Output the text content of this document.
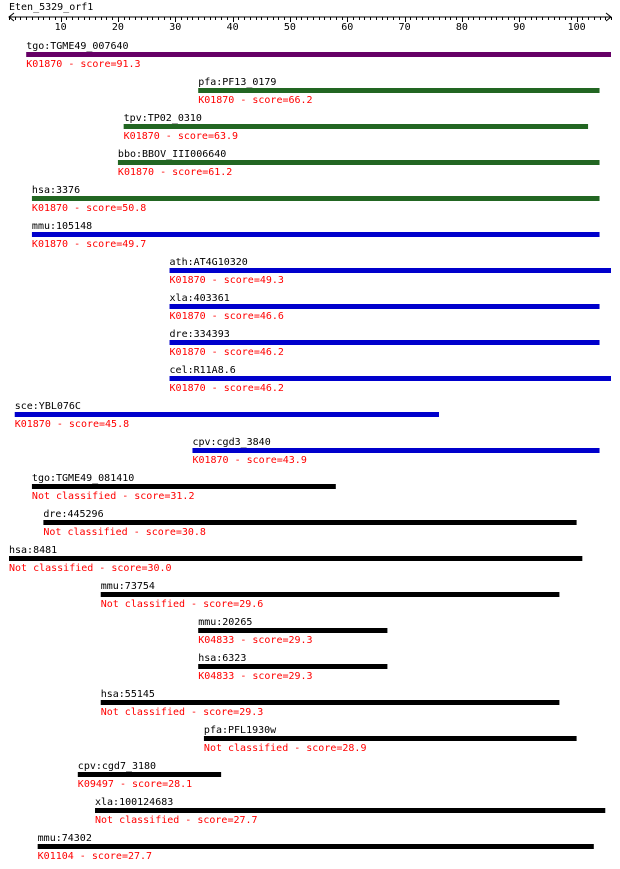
Eten_5329_orf1
10	20	30	40	50	60	70	80	90	100
tgo:TGME49_007640
K01870 - score=91.3
pfa:PF13_0179
K01870 - score=66.2
tpv:TP02_0310
K01870 - score=63.9
bbo:BBOV_III006640
K01870 - score=61.2
hsa:3376
K01870 - score=50.8
mmu:105148
K01870 - score=49.7
ath:AT4G10320
K01870 - score=49.3
xla:403361
K01870 - score=46.6
dre:334393
K01870 - score=46.2
cel:R11A8.6
K01870 - score=46.2
sce:YBL076C
K01870 - score=45.8
cpv:cgd3_3840
K01870 - score=43.9
tgo:TGME49_081410
Not classified - score=31.2
dre:445296
Not classified - score=30.8
hsa:8481
Not classified - score=30.0
mmu:73754
Not classified - score=29.6
mmu:20265
K04833 - score=29.3
hsa:6323
K04833 - score=29.3
hsa:55145
Not classified - score=29.3
pfa:PFL1930w
Not classified - score=28.9
cpv:cgd7_3180
K09497 - score=28.1
xla:100124683
Not classified - score=27.7
mmu:74302
K01104 - score=27.7
